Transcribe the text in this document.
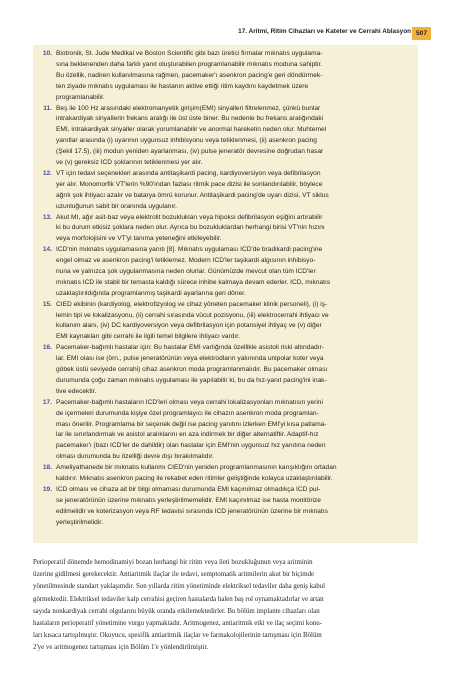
17. Aritmi, Ritim Cihazları ve Kateter ve Cerrahi Ablasyon 507
10. Biotronik, St. Jude Medikal ve Boston Scientific gibi bazı üretici firmalar mıknatıs uygulama-
sına beklenenden daha farklı yanıt oluşturabilen programlanabilir mıknatıs moduna sahiptir.
Bu özellik, nadiren kullanılmasına rağmen, pacemaker'ı asenkron pacing'e geri döndürmek-
ten ziyade mıknatıs uygulaması ile hastanın aktive ettiği ritim kaydını kaydetmek üzere
programlanabilir.
11. Beş ile 100 Hz arasındaki elektromanyetik girişim(EMI) sinyalleri filtrelenmez, çünkü bunlar
intrakardiyak sinyallerin frekans aralığı ile üst üste biner. Bu nedenle bu frekans aralığındaki
EMI, intrakardiyak sinyaller olarak yorumlanabilir ve anormal hareketin neden olur. Muhtemel
yanıtlar arasında (i) uyarının uygunsuz inhibisyonu veya tetiklenmesi, (ii) asenkron pacing
(Şekil 17.5), (iii) modun yeniden ayarlanması, (iv) pulse jeneratör devresine doğrudan hasar
ve (v) gereksiz ICD şoklarının tetiklenmesi yer alır.
12. VT için tedavi seçenekleri arasında antitaşikardi pacing, kardiyoversiyon veya defibrilasyon
yer alır. Monomorfik VT'lerin %90'ından fazlası ritmik pace dizisi ile sonlandırılabilir, böylece
ağrılı şok ihtiyacı azalır ve batarya ömrü korunur. Antitaşikardi pacing'de uyarı dizisi, VT siklus
uzunluğunun sabit bir oranında uygulanır.
13. Akut MI, ağır asit-baz veya elektrolit bozuklukları veya hipoksi defibrilasyon eşiğini artırabilir
ki bu durum etkisiz şoklara neden olur. Ayrıca bu bozukluklardan herhangi birisi VT'nin hızını
veya morfolojisini ve VT'yi tanıma yeteneğini etkileyebilir.
14. ICD'nin mıknatıs uygulamasına yanıtı [8]. Mıknatıs uygulaması ICD'de bradikardi pacing'ine
engel olmaz ve asenkron pacing'i tetiklemez. Modern ICD'ler taşikardi algısının inhibisyo-
nuna ve yalnızca şok uygulanmasına neden olurlar. Günümüzde mevcut olan tüm ICD'ler
mıknatıs ICD ile stabil bir temasta kaldığı sürece inhibe kalmaya devam ederler. ICD, mıknatıs
uzaklaştırıldığında programlanmış taşikardi ayarlarına geri döner.
15. CIED ekibinin (kardiyolog, elektrofizyolog ve cihaz yöneten pacemaker klinik personeli), (i) iş-
lemin tipi ve lokalizasyonu, (ii) cerrahi sırasında vücut pozisyonu, (iii) elektrocerrahi ihtiyacı ve
kullanım alanı, (iv) DC kardiyoversiyon veya defibrilasyon için potansiyel ihtiyaç ve (v) diğer
EMI kaynakları gibi cerrahi ile ilgili temel bilgilere ihtiyacı vardır.
16. Pacemaker-bağımlı hastalar için: Bu hastalar EMI varlığında özellikle asistoli riski altındadır-
lar. EMI olası ise (örn., pulse jeneratörünün veya elektrodların yakınında unipolar koter veya
göbek üstü seviyede cerrahi) cihaz asenkron moda programlanmalıdır. Bu pacemaker olması
durumunda çoğu zaman mıknatıs uygulaması ile yapılabilir ki, bu da hız-yanıt pacing'ini inak-
tive edecektir.
17. Pacemaker-bağımlı hastaların ICD'leri olması veya cerrahi lokalizasyonları mıknatısın yerini
de içermeleri durumunda kişiye özel programlayıcı ile cihazın asenkron moda programlan-
ması önerilir. Programlama bir seçenek değil ise pacing yanıtını izlerken EMI'yi kısa patlama-
lar ile sınırlandırmak ve asistol aralıklarını en aza indirmek bir diğer alternatiftir. Adaptif-hız
pacemaker'ı (bazı ICD'ler de dahildir) olan hastalar için EMI'nin uygunsuz hız yanıtına neden
olması durumunda bu özelliği devre dışı bırakılmalıdır.
18. Ameliyathanede bir mıknatıs kullanmı CIED'nin yeniden programlanmasının karışıklığını ortadan
kaldırır. Mıknatıs asenkron pacing ile rekabet eden ritimler geliştiğinde kolayca uzaklaştırılabilir.
19. ICD olması ve cihaza ait bir bilgi olmaması durumunda EMI kaçınılmaz olmadıkça ICD pul-
se jeneratörünün üzerine mıknatıs yerleştirilmemelidir. EMI kaçınılmaz ise hasta monitörize
edilmelidir ve koterizasyon veya RF tedavisi sırasında ICD jeneratörünün üzerine bir mıknatıs
yerleştirilmelidir.
Perioperatif dönemde hemodinamiyi bozan herhangi bir ritim veya ileti bozukluğunun veya aritminin
üzerine gidilmesi gerekecektir. Antiaritmik ilaçlar ile tedavi, semptomatik aritmilerin akut bir biçimde
yönetilmesinde standart yaklaşımdır. Son yıllarda ritim yönetiminde elektriksel tedaviler daha geniş kabul
görmektedir. Elektriksel tedaviler kalp cerrahisi geçiren hastalarda halen baş rol oynamaktadırlar ve artan
sayıda nonkardiyak cerrahi olgularını büyük oranda etkilemektedirler. Bu bölüm implante cihazları olan
hastaların perioperatif yönetimine vurgu yapmaktadır. Aritmogenez, antiaritmik etki ve ilaç seçimi konu-
ları kısaca tartışılmıştır. Okuyucu, spesifik antiaritmik ilaçlar ve farmakolojilerinin tartışması için Bölüm
2'ye ve aritmogenez tartışması için Bölüm 1'e yönlendirilmiştir.
